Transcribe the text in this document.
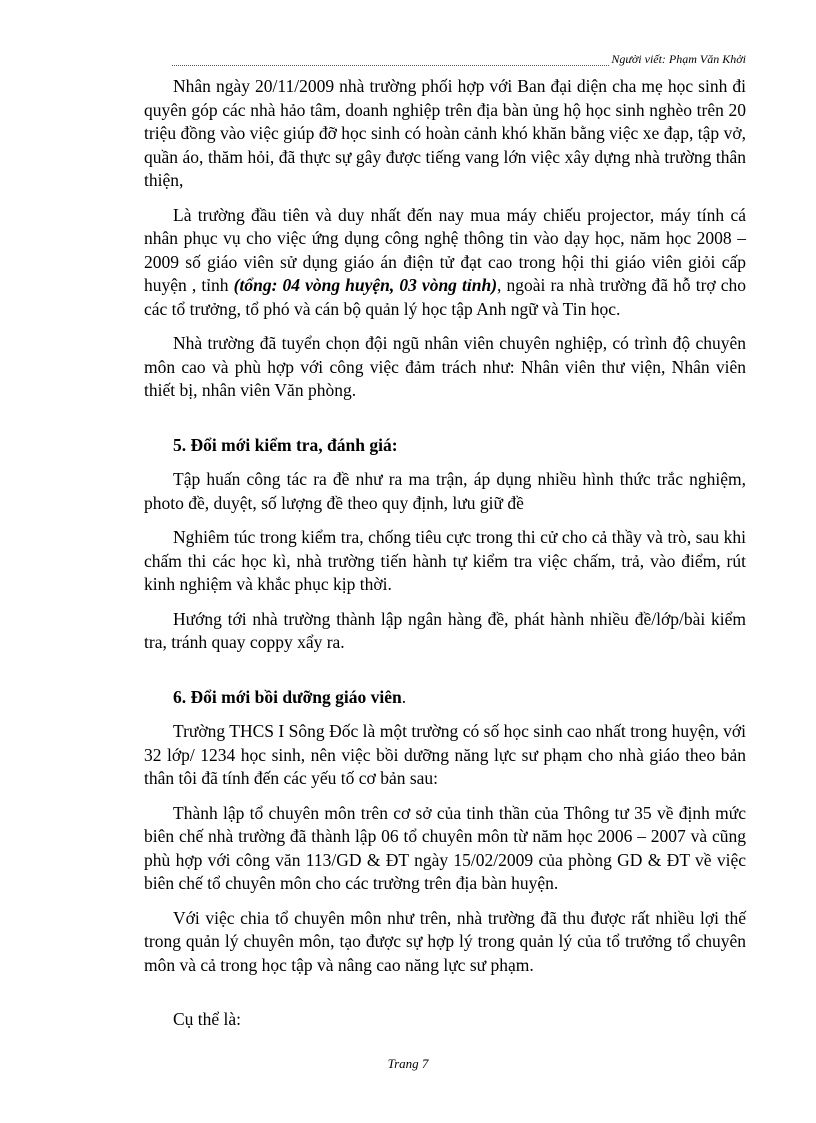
Người viết: Phạm Văn Khởi

Nhân ngày 20/11/2009 nhà trường phối hợp với Ban đại diện cha mẹ học sinh đi quyên góp các nhà hảo tâm, doanh nghiệp trên địa bàn ủng hộ học sinh nghèo trên 20 triệu đồng vào việc giúp đỡ học sinh có hoàn cảnh khó khăn bằng việc xe đạp, tập vở, quần áo, thăm hỏi, đã thực sự gây được tiếng vang lớn việc xây dựng nhà trường thân thiện,

Là trường đầu tiên và duy nhất đến nay mua máy chiếu projector, máy tính cá nhân phục vụ cho việc ứng dụng công nghệ thông tin vào dạy học, năm học 2008 – 2009 số giáo viên sử dụng giáo án điện tử đạt cao trong hội thi giáo viên giỏi cấp huyện , tỉnh (tổng: 04 vòng huyện, 03 vòng tỉnh), ngoài ra nhà trường đã hỗ trợ cho các tổ trưởng, tổ phó và cán bộ quản lý học tập Anh ngữ và Tin học.

Nhà trường đã tuyển chọn đội ngũ nhân viên chuyên nghiệp, có trình độ chuyên môn cao và phù hợp với công việc đảm trách như: Nhân viên thư viện, Nhân viên thiết bị, nhân viên Văn phòng.

5. Đổi mới kiểm tra, đánh giá:

Tập huấn công tác ra đề như ra ma trận, áp dụng nhiều hình thức trắc nghiệm, photo đề, duyệt, số lượng đề theo quy định, lưu giữ đề

Nghiêm túc trong kiểm tra, chống tiêu cực trong thi cử cho cả thầy và trò, sau khi chấm thi các học kì, nhà trường tiến hành tự kiểm tra việc chấm, trả, vào điểm, rút kinh nghiệm và khắc phục kịp thời.

Hướng tới nhà trường thành lập ngân hàng đề, phát hành nhiều đề/lớp/bài kiểm tra, tránh quay coppy xẩy ra.

6. Đổi mới bồi dưỡng giáo viên.

Trường THCS I Sông Đốc là một trường có số học sinh cao nhất trong huyện, với 32 lớp/ 1234 học sinh, nên việc bồi dưỡng năng lực sư phạm cho nhà giáo theo bản thân tôi đã tính đến các yếu tố cơ bản sau:

Thành lập tổ chuyên môn trên cơ sở của tinh thần của Thông tư 35 về định mức biên chế nhà trường đã thành lập 06 tổ chuyên môn từ năm học 2006 – 2007 và cũng phù hợp với công văn 113/GD & ĐT ngày 15/02/2009 của phòng GD & ĐT về việc biên chế tổ chuyên môn cho các trường trên địa bàn huyện.

Với việc chia tổ chuyên môn như trên, nhà trường đã thu được rất nhiều lợi thế trong quản lý chuyên môn, tạo được sự hợp lý trong quản lý của tổ trưởng tổ chuyên môn và cả trong học tập và nâng cao năng lực sư phạm.

Cụ thể là:

Trang 7
